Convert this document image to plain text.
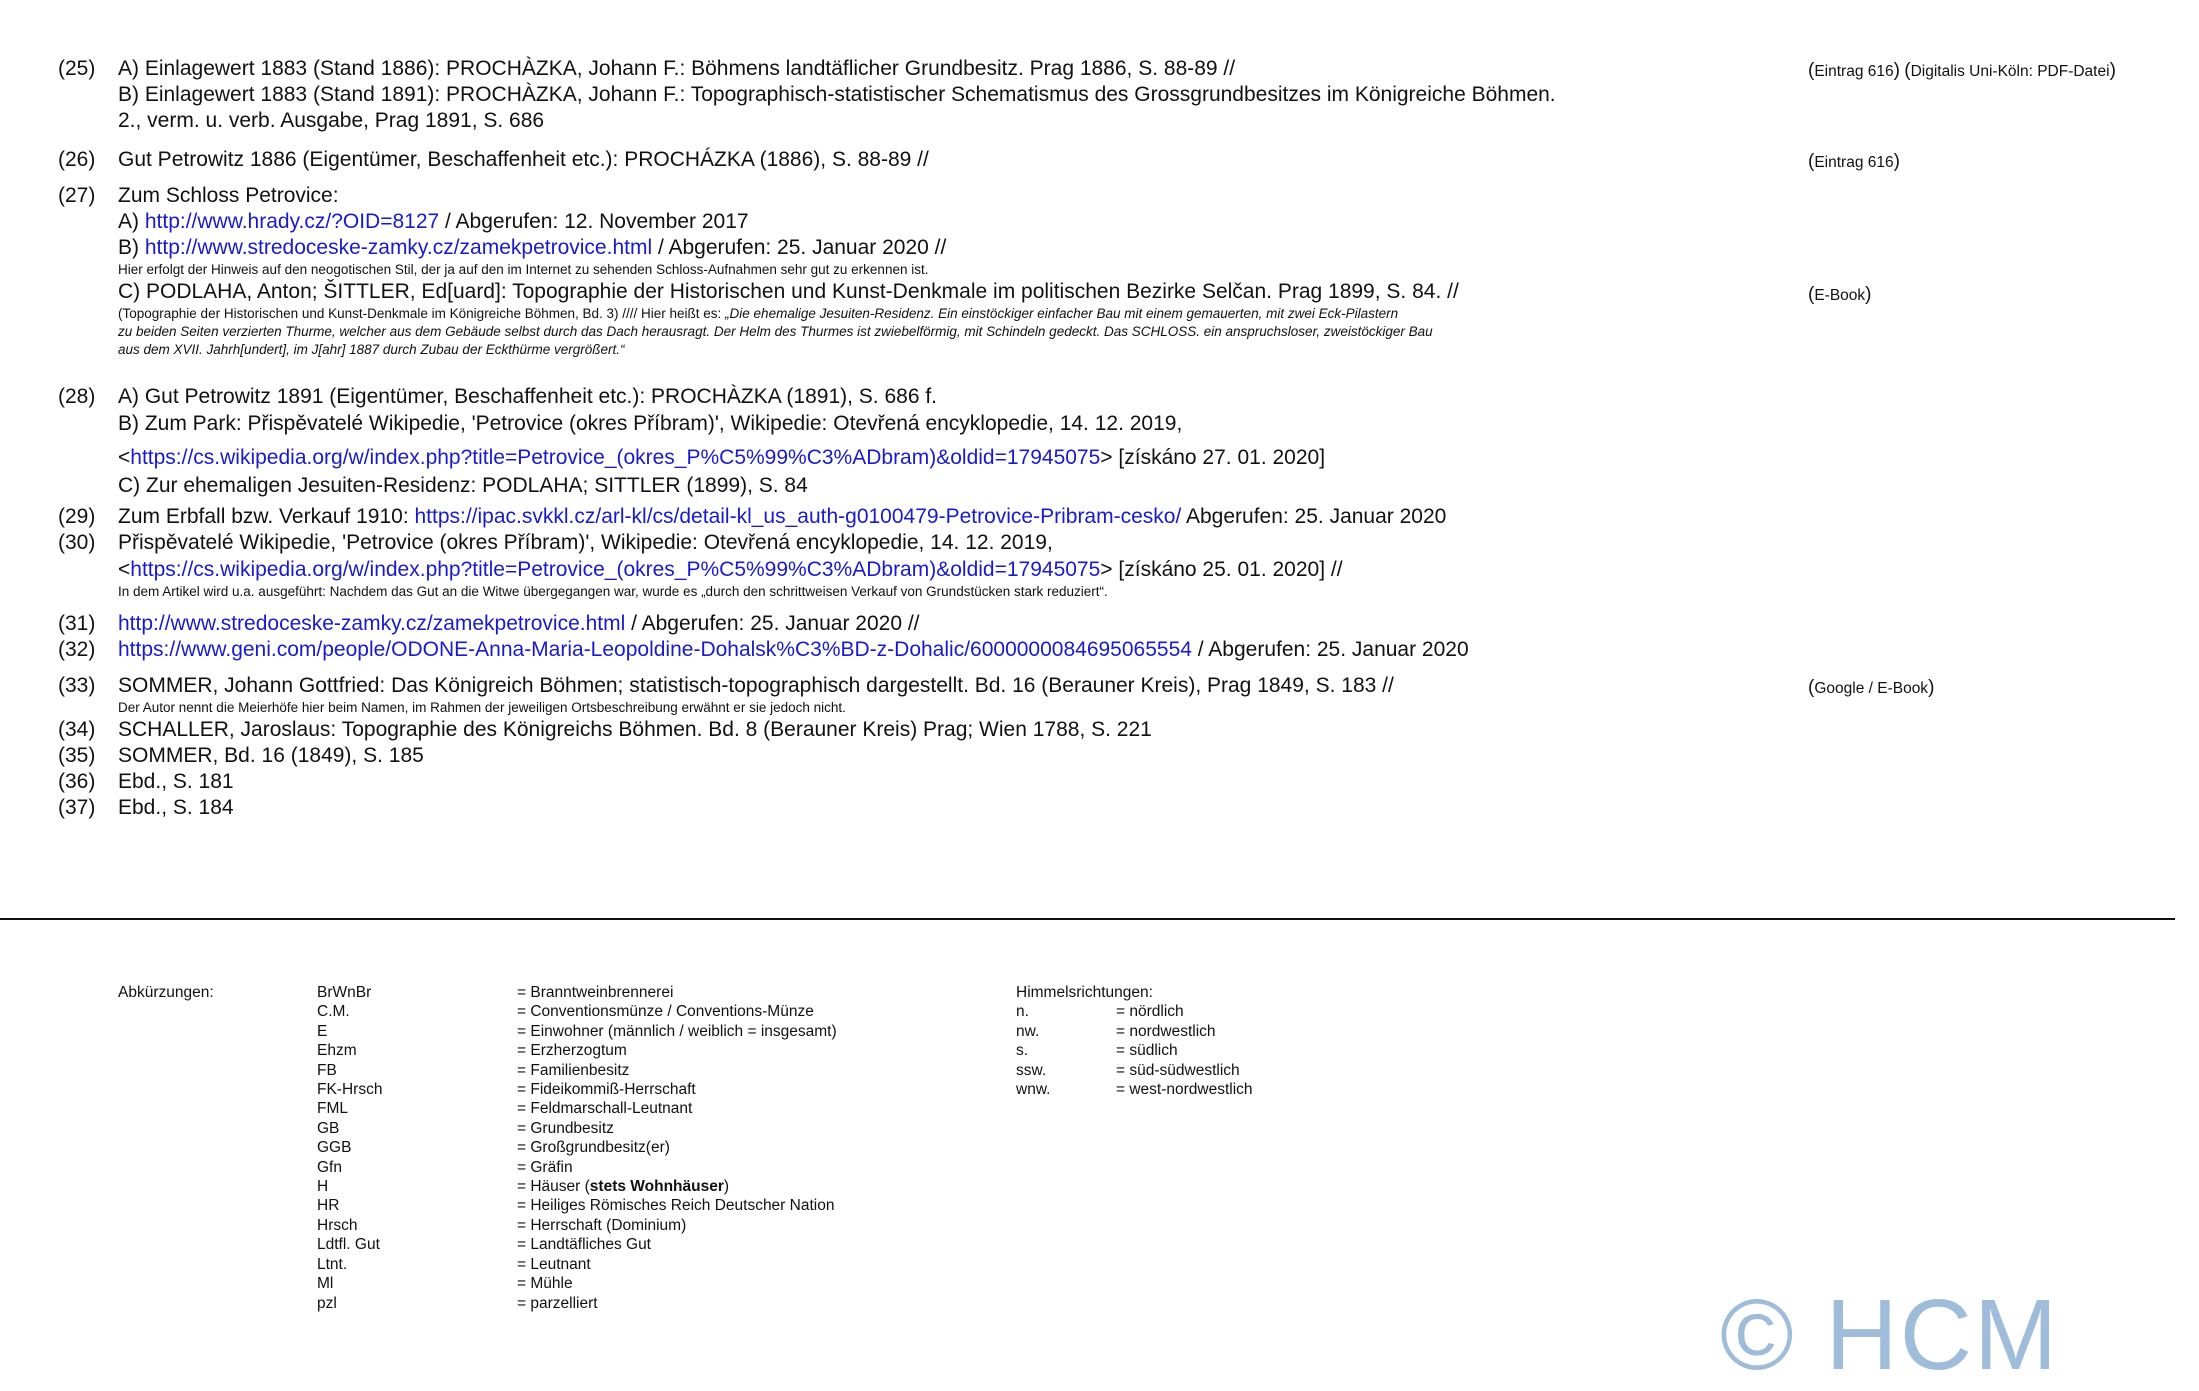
(25) A) Einlagewert 1883 (Stand 1886): PROCHÀZKA, Johann F.: Böhmens landtäflicher Grundbesitz. Prag 1886, S. 88-89 //
B) Einlagewert 1883 (Stand 1891): PROCHÀZKA, Johann F.: Topographisch-statistischer Schematismus des Grossgrundbesitzes im Königreiche Böhmen.
2., verm. u. verb. Ausgabe, Prag 1891, S. 686
(Eintrag 616) (Digitalis Uni-Köln: PDF-Datei)
(26) Gut Petrowitz 1886 (Eigentümer, Beschaffenheit etc.): PROCHÁZKA (1886), S. 88-89 //	(Eintrag 616)
(27) Zum Schloss Petrovice:
A) http://www.hrady.cz/?OID=8127 / Abgerufen: 12. November 2017
B) http://www.stredoceske-zamky.cz/zamekpetrovice.html / Abgerufen: 25. Januar 2020 //
Hier erfolgt der Hinweis auf den neogotischen Stil, der ja auf den im Internet zu sehenden Schloss-Aufnahmen sehr gut zu erkennen ist.
C) PODLAHA, Anton; ŠITTLER, Ed[uard]: Topographie der Historischen und Kunst-Denkmale im politischen Bezirke Selčan. Prag 1899, S. 84. //
(Topographie der Historischen und Kunst-Denkmale im Königreiche Böhmen, Bd. 3) //// Hier heißt es: „Die ehemalige Jesuiten-Residenz. Ein einstöckiger einfacher Bau mit einem gemauerten, mit zwei Eck-Pilastern
zu beiden Seiten verzierten Thurme, welcher aus dem Gebäude selbst durch das Dach herausragt. Der Helm des Thurmes ist zwiebelförmig, mit Schindeln gedeckt. Das SCHLOSS. ein anspruchsloser, zweistöckiger Bau
aus dem XVII. Jahrh[undert], im J[ahr] 1887 durch Zubau der Eckthürme vergrößert.“
(E-Book)
(28) A) Gut Petrowitz 1891 (Eigentümer, Beschaffenheit etc.): PROCHÀZKA (1891), S. 686 f.
B) Zum Park: Přispěvatelé Wikipedie, 'Petrovice (okres Příbram)', Wikipedie: Otevřená encyklopedie, 14. 12. 2019,
<https://cs.wikipedia.org/w/index.php?title=Petrovice_(okres_P%C5%99%C3%ADbram)&oldid=17945075> [získáno 27. 01. 2020]
C) Zur ehemaligen Jesuiten-Residenz: PODLAHA; SITTLER (1899), S. 84
(29) Zum Erbfall bzw. Verkauf 1910: https://ipac.svkkl.cz/arl-kl/cs/detail-kl_us_auth-g0100479-Petrovice-Pribram-cesko/ Abgerufen: 25. Januar 2020
(30) Přispěvatelé Wikipedie, 'Petrovice (okres Příbram)', Wikipedie: Otevřená encyklopedie, 14. 12. 2019,
<https://cs.wikipedia.org/w/index.php?title=Petrovice_(okres_P%C5%99%C3%ADbram)&oldid=17945075> [získáno 25. 01. 2020] //
In dem Artikel wird u.a. ausgeführt: Nachdem das Gut an die Witwe übergegangen war, wurde es „durch den schrittweisen Verkauf von Grundstücken stark reduziert“.
(31) http://www.stredoceske-zamky.cz/zamekpetrovice.html / Abgerufen: 25. Januar 2020 //
(32) https://www.geni.com/people/ODONE-Anna-Maria-Leopoldine-Dohalsk%C3%BD-z-Dohalic/6000000084695065554 / Abgerufen: 25. Januar 2020
(33) SOMMER, Johann Gottfried: Das Königreich Böhmen; statistisch-topographisch dargestellt. Bd. 16 (Berauner Kreis), Prag 1849, S. 183 //
Der Autor nennt die Meierhöfe hier beim Namen, im Rahmen der jeweiligen Ortsbeschreibung erwähnt er sie jedoch nicht.
(Google / E-Book)
(34) SCHALLER, Jaroslaus: Topographie des Königreichs Böhmen. Bd. 8 (Berauner Kreis) Prag; Wien 1788, S. 221
(35) SOMMER, Bd. 16 (1849), S. 185
(36) Ebd., S. 181
(37) Ebd., S. 184
Abkürzungen:	BrWnBr
C.M.
E
Ehzm
FB
FK-Hrsch
FML
GB
GGB
Gfn
H
HR
Hrsch
Ldtfl. Gut
Ltnt.
Ml
pzl
= Branntweinbrennerei
= Conventionsmünze / Conventions-Münze
= Einwohner (männlich / weiblich = insgesamt)
= Erzherzogtum
= Familienbesitz
= Fideikommiß-Herrschaft
= Feldmarschall-Leutnant
= Grundbesitz
= Großgrundbesitz(er)
= Gräfin
= Häuser (stets Wohnhäuser)
= Heiliges Römisches Reich Deutscher Nation
= Herrschaft (Dominium)
= Landtäfliches Gut
= Leutnant
= Mühle
= parzelliert
Himmelsrichtungen:
n.
nw.
s.
ssw.
wnw.
= nördlich
= nordwestlich
= südlich
= süd-südwestlich
= west-nordwestlich
© HCM
